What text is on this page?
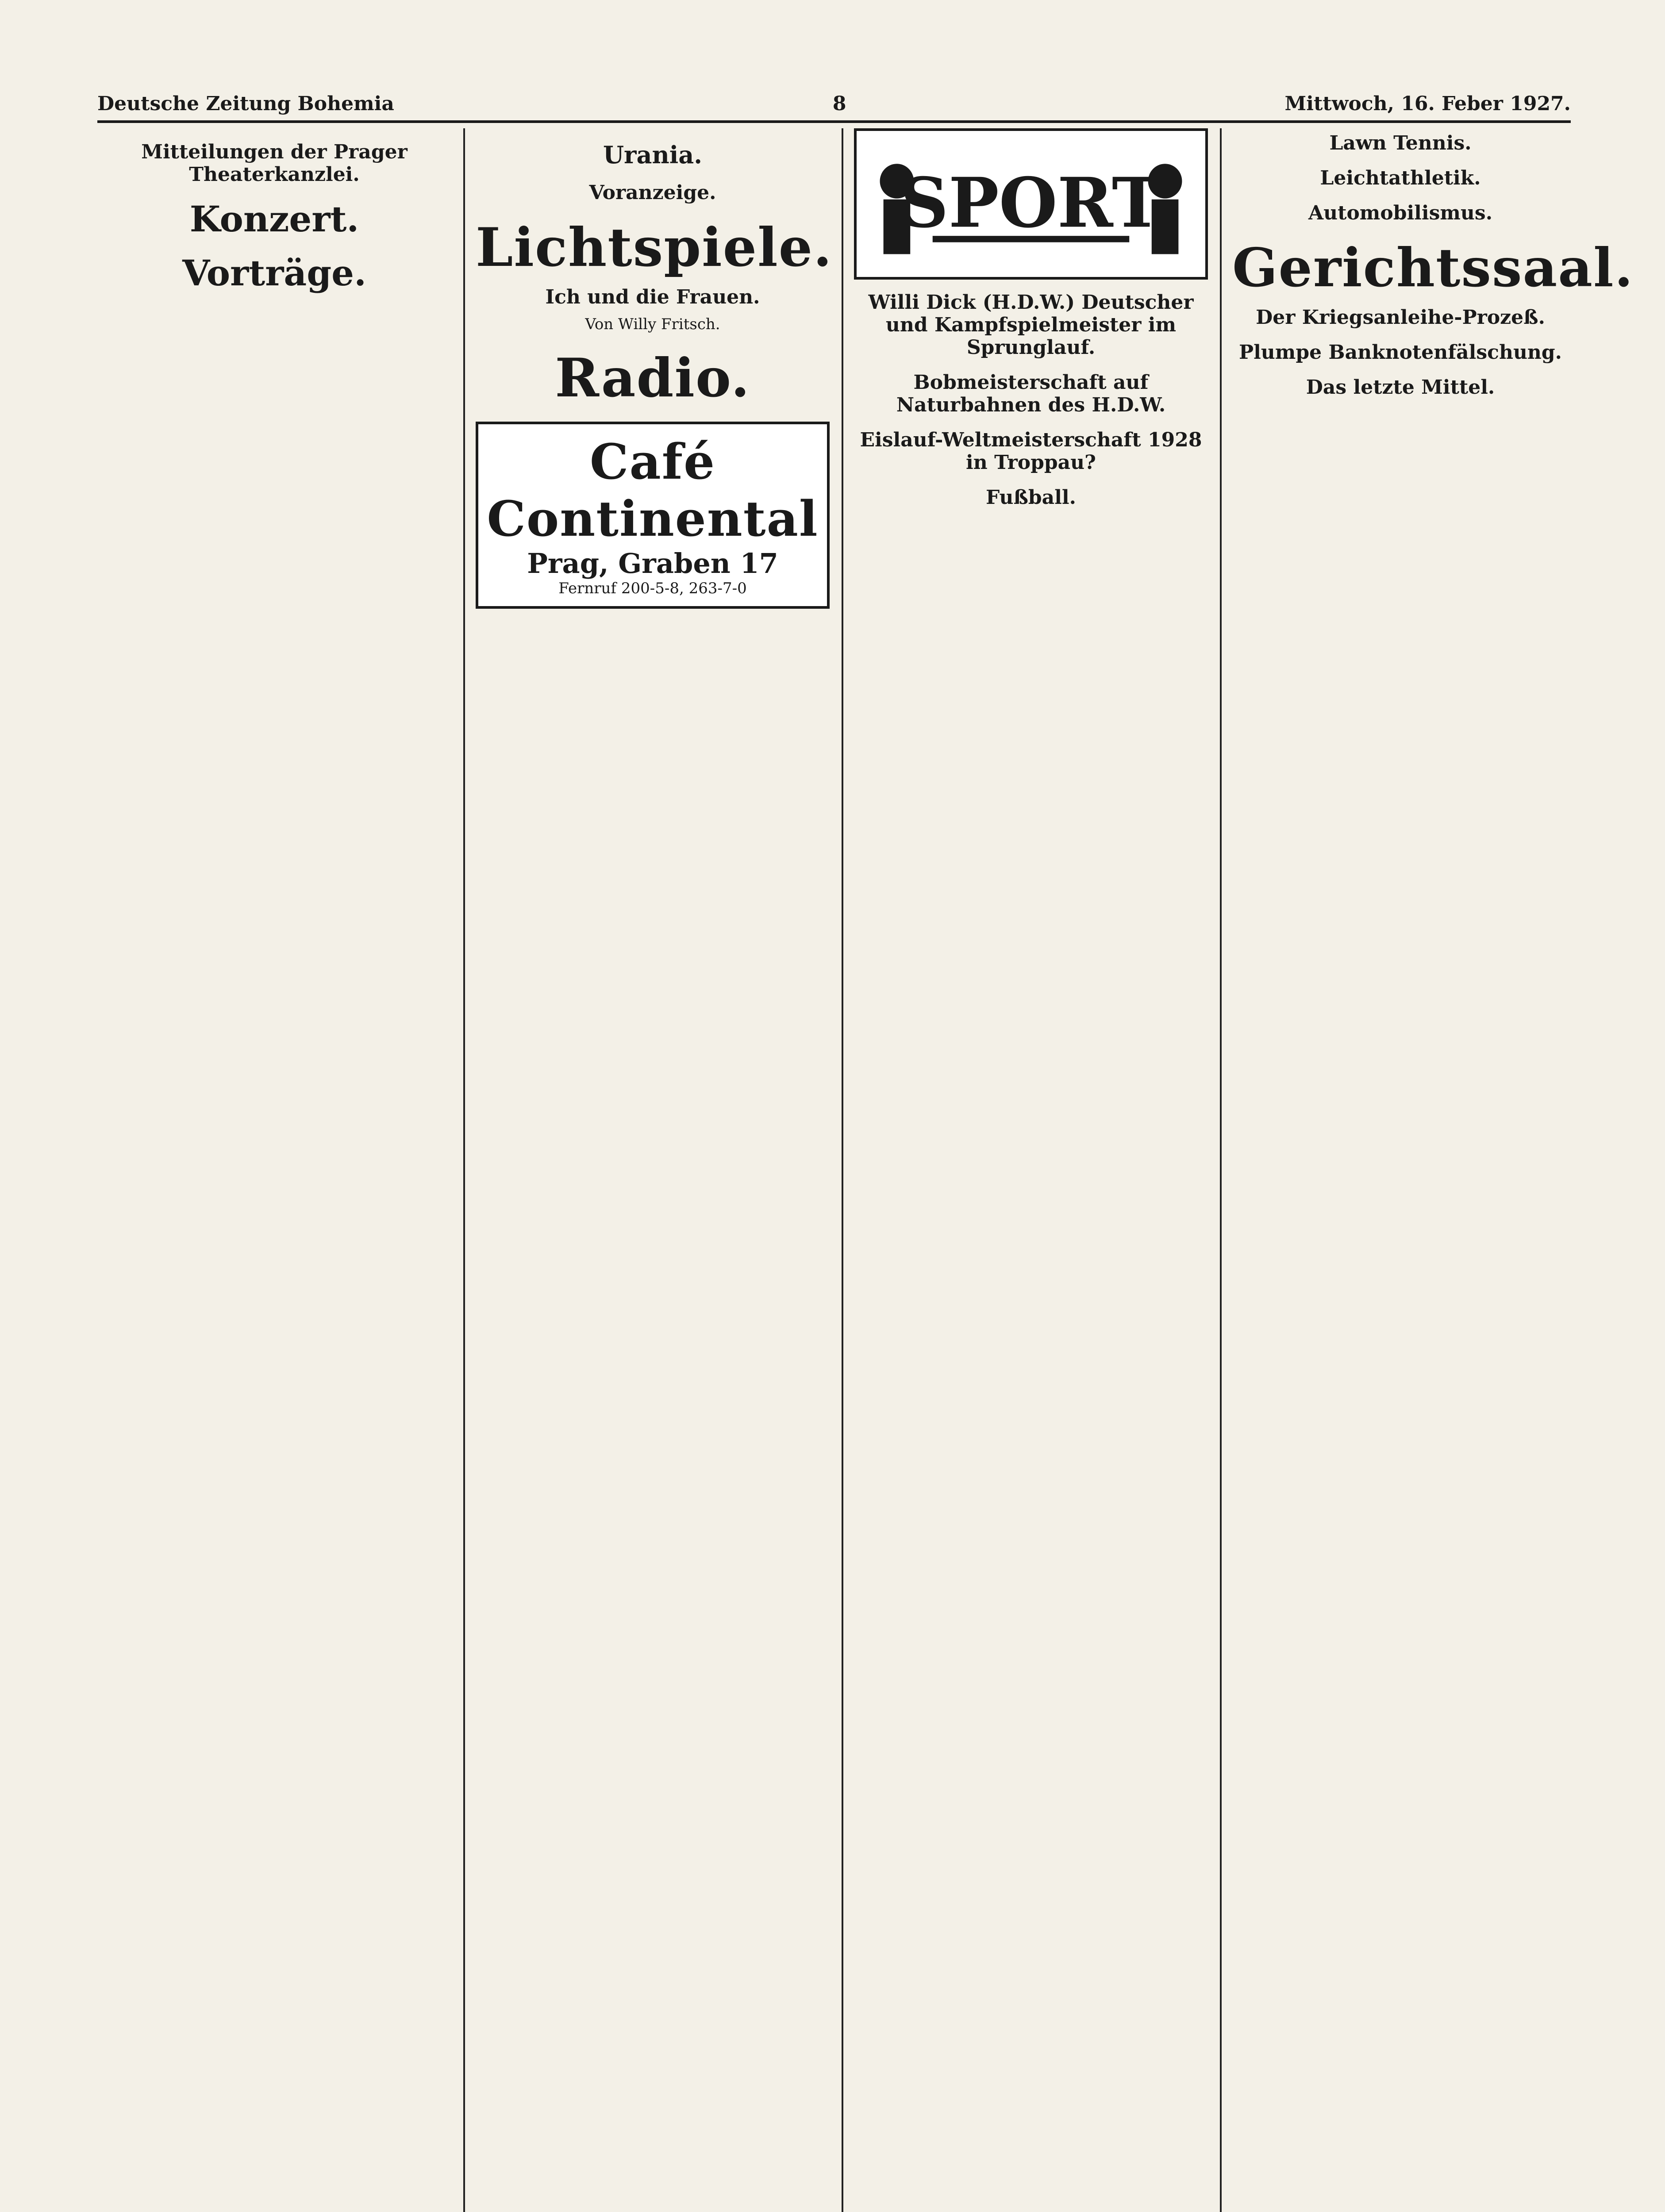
Deutsche Zeitung Bohemia	8	Mittwoch, 16. Feber 1927.
Mitteilungen der Prager Theaterkanzlei.
Konzert.
Vorträge.
Urania.
Voranzeige.
Lichtspiele.
Ich und die Frauen.
Von Willy Fritsch.
Radio.
Café Continental
Prag, Graben 17
Fernruf 200-5-8, 263-7-0
SPORT
Willi Dick (H.D.W.) Deutscher und Kampfspielmeister im Sprunglauf.
Bobmeisterschaft auf Naturbahnen des H.D.W.
Eislauf-Weltmeisterschaft 1928 in Troppau?
Fußball.
Lawn Tennis.
Leichtathletik.
Automobilismus.
Gerichtssaal.
Der Kriegsanleihe-Prozeß.
Plumpe Banknotenfälschung.
Das letzte Mittel.
